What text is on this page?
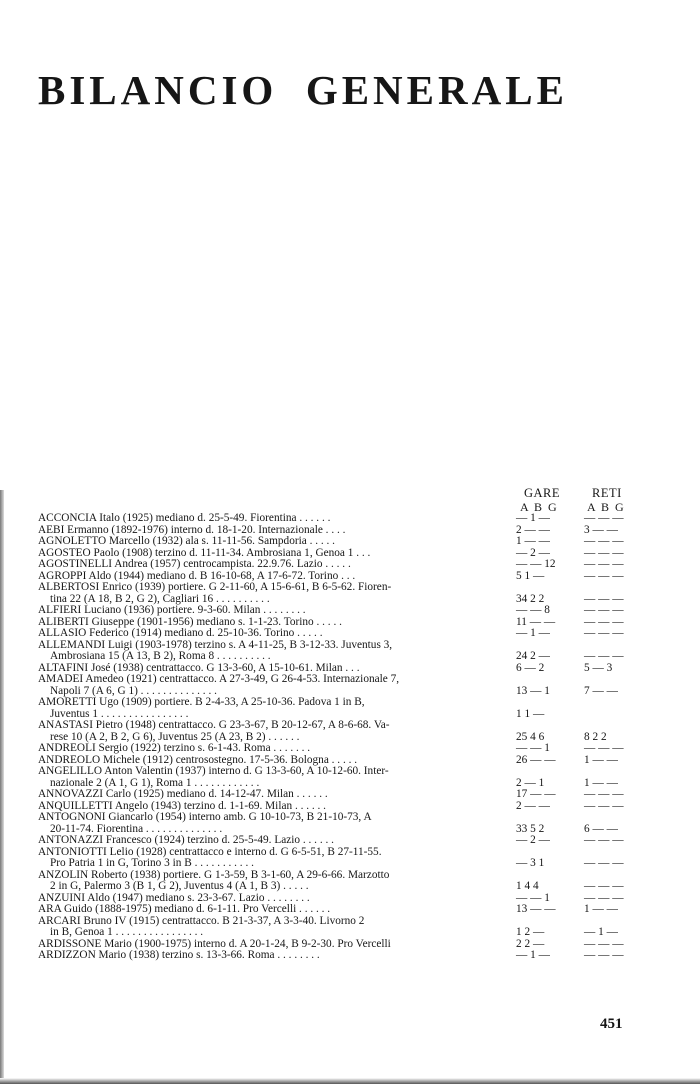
BILANCIO  GENERALE
GARE	RETI
A B G	A B G
ACCONCIA Italo (1925) mediano d. 25-5-49. Fiorentina . . . . . .	— 1 —	— — —
AEBI Ermanno (1892-1976) interno d. 18-1-20. Internazionale . . . .	2 — —	3 — —
AGNOLETTO Marcello (1932) ala s. 11-11-56. Sampdoria . . . . .	1 — —	— — —
AGOSTEO Paolo (1908) terzino d. 11-11-34. Ambrosiana 1, Genoa 1 . . .	— 2 —	— — —
AGOSTINELLI Andrea (1957) centrocampista. 22.9.76. Lazio . . . . .	— — 12	— — —
AGROPPI Aldo (1944) mediano d. B 16-10-68, A 17-6-72. Torino . . .	5 1 —	— — —
ALBERTOSI Enrico (1939) portiere. G 2-11-60, A 15-6-61, B 6-5-62. Fioren-
tina 22 (A 18, B 2, G 2), Cagliari 16 . . . . . . . . . .	34 2 2	— — —
ALFIERI Luciano (1936) portiere. 9-3-60. Milan . . . . . . . .	— — 8	— — —
ALIBERTI Giuseppe (1901-1956) mediano s. 1-1-23. Torino . . . . .	11 — —	— — —
ALLASIO Federico (1914) mediano d. 25-10-36. Torino . . . . .	— 1 —	— — —
ALLEMANDI Luigi (1903-1978) terzino s. A 4-11-25, B 3-12-33. Juventus 3,
Ambrosiana 15 (A 13, B 2), Roma 8 . . . . . . . . . .	24 2 —	— — —
ALTAFINI José (1938) centrattacco. G 13-3-60, A 15-10-61. Milan . . .	6 — 2	5 — 3
AMADEI Amedeo (1921) centrattacco. A 27-3-49, G 26-4-53. Internazionale 7,
Napoli 7 (A 6, G 1) . . . . . . . . . . . . . .	13 — 1	7 — —
AMORETTI Ugo (1909) portiere. B 2-4-33, A 25-10-36. Padova 1 in B,
Juventus 1 . . . . . . . . . . . . . . . .	1 1 —
ANASTASI Pietro (1948) centrattacco. G 23-3-67, B 20-12-67, A 8-6-68. Va-
rese 10 (A 2, B 2, G 6), Juventus 25 (A 23, B 2) . . . . . .	25 4 6	8 2 2
ANDREOLI Sergio (1922) terzino s. 6-1-43. Roma . . . . . . .	— — 1	— — —
ANDREOLO Michele (1912) centrosostegno. 17-5-36. Bologna . . . . .	26 — —	1 — —
ANGELILLO Anton Valentin (1937) interno d. G 13-3-60, A 10-12-60. Inter-
nazionale 2 (A 1, G 1), Roma 1 . . . . . . . . . . . .	2 — 1	1 — —
ANNOVAZZI Carlo (1925) mediano d. 14-12-47. Milan . . . . . .	17 — —	— — —
ANQUILLETTI Angelo (1943) terzino d. 1-1-69. Milan . . . . . .	2 — —	— — —
ANTOGNONI Giancarlo (1954) interno amb. G 10-10-73, B 21-10-73, A
20-11-74. Fiorentina . . . . . . . . . . . . . .	33 5 2	6 — —
ANTONAZZI Francesco (1924) terzino d. 25-5-49. Lazio . . . . . .	— 2 —	— — —
ANTONIOTTI Lelio (1928) centrattacco e interno d. G 6-5-51, B 27-11-55.
Pro Patria 1 in G, Torino 3 in B . . . . . . . . . . .	— 3 1	— — —
ANZOLIN Roberto (1938) portiere. G 1-3-59, B 3-1-60, A 29-6-66. Marzotto
2 in G, Palermo 3 (B 1, G 2), Juventus 4 (A 1, B 3) . . . . .	1 4 4	— — —
ANZUINI Aldo (1947) mediano s. 23-3-67. Lazio . . . . . . . .	— — 1	— — —
ARA Guido (1888-1975) mediano d. 6-1-11. Pro Vercelli . . . . . .	13 — —	1 — —
ARCARI Bruno IV (1915) centrattacco. B 21-3-37, A 3-3-40. Livorno 2
in B, Genoa 1 . . . . . . . . . . . . . . . .	1 2 —	— 1 —
ARDISSONE Mario (1900-1975) interno d. A 20-1-24, B 9-2-30. Pro Vercelli	2 2 —	— — —
ARDIZZON Mario (1938) terzino s. 13-3-66. Roma . . . . . . . .	— 1 —	— — —
451
